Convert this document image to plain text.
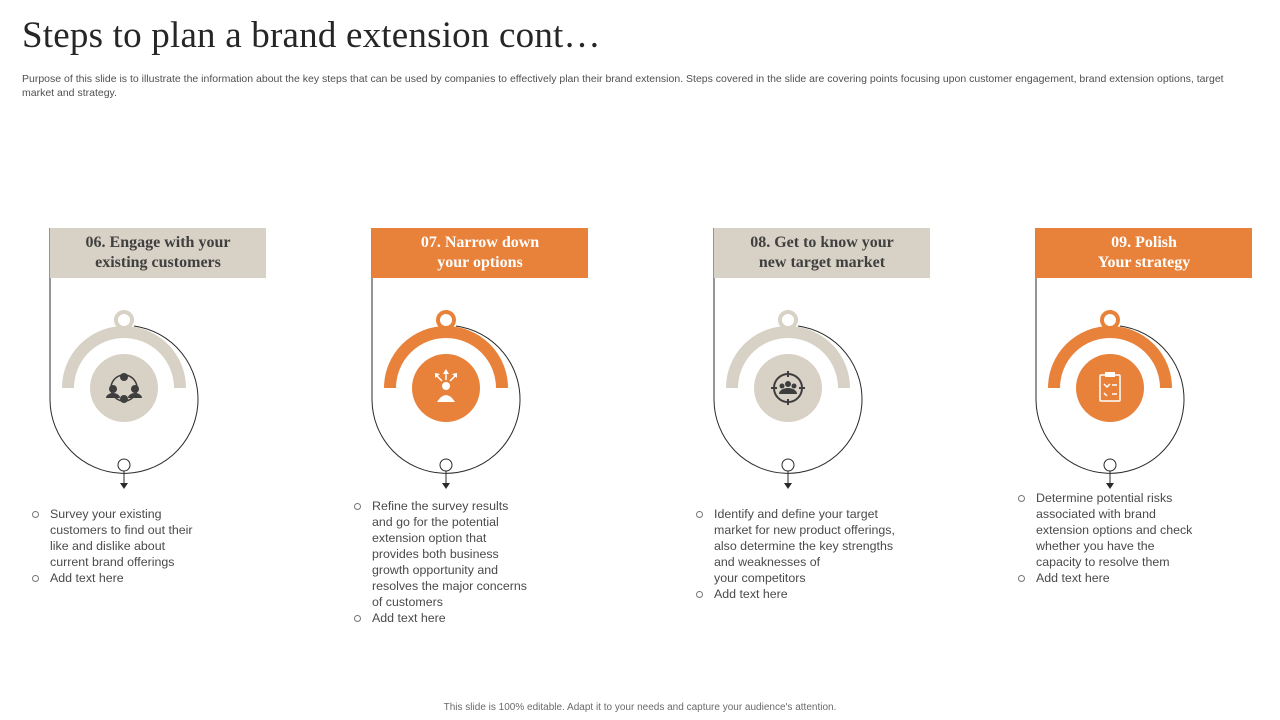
Steps to plan a brand extension cont…

Purpose of this slide is to illustrate the information about the key steps that can be used by companies to effectively plan their brand extension. Steps covered in the slide are covering points focusing upon customer engagement, brand extension options, target market and strategy.

06. Engage with your
existing customers
Survey your existing
customers to find out their
like and dislike about
current brand offerings
Add text here
07. Narrow down
your options
Refine the survey results
and go for the potential
extension option that
provides both business
growth opportunity and
resolves the major concerns
of customers
Add text here
08. Get to know your
new target market
Identify and define your target
market for new product offerings,
also determine the key strengths
and weaknesses of
your competitors
Add text here
09. Polish
Your strategy
Determine potential risks
associated with brand
extension options and check
whether you have the
capacity to resolve them
Add text here
This slide is 100% editable. Adapt it to your needs and capture your audience's attention.
